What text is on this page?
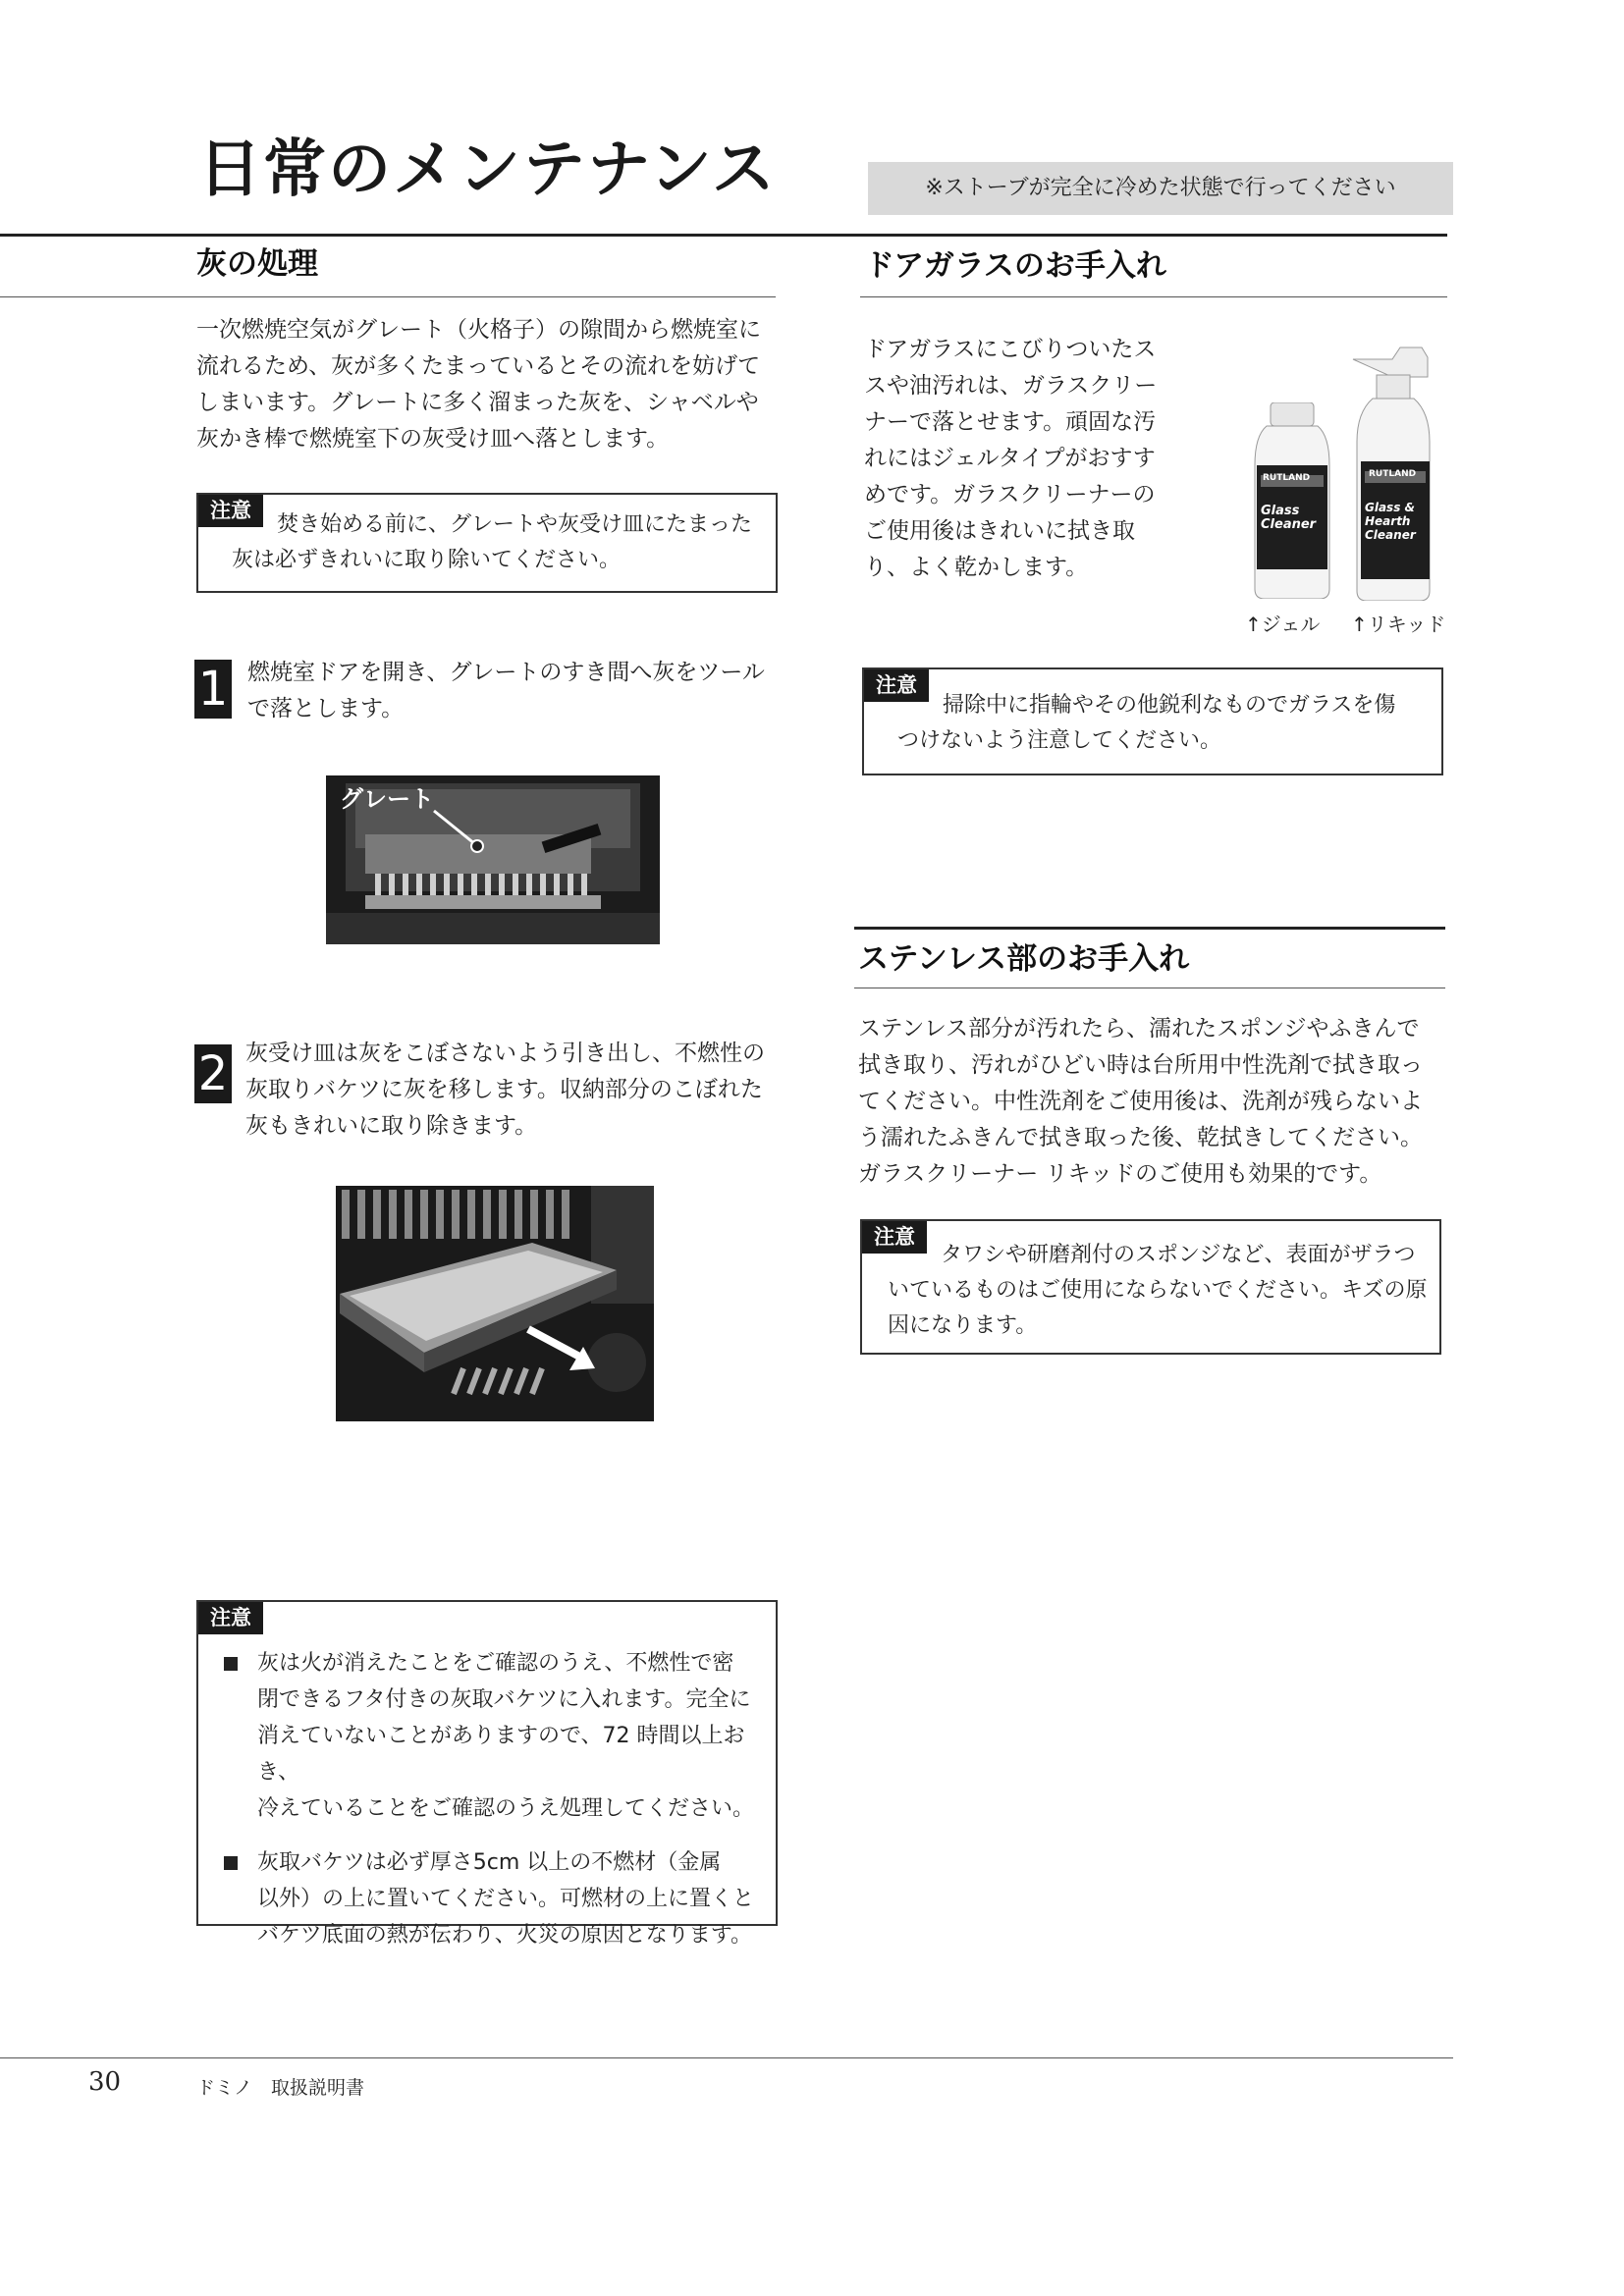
日常のメンテナンス	※ストーブが完全に冷めた状態で行ってください
灰の処理
一次燃焼空気がグレート（火格子）の隙間から燃焼室に
流れるため、灰が多くたまっているとその流れを妨げて
しまいます。グレートに多く溜まった灰を、シャベルや
灰かき棒で燃焼室下の灰受け皿へ落とします。
注意
焚き始める前に、グレートや灰受け皿にたまった
灰は必ずきれいに取り除いてください。
1 燃焼室ドアを開き、グレートのすき間へ灰をツール
で落とします。
グレート
2 灰受け皿は灰をこぼさないよう引き出し、不燃性の
灰取りバケツに灰を移します。収納部分のこぼれた
灰もきれいに取り除きます。
注意
灰は火が消えたことをご確認のうえ、不燃性で密
閉できるフタ付きの灰取バケツに入れます。完全に
消えていないことがありますので、72 時間以上おき、
冷えていることをご確認のうえ処理してください。
灰取バケツは必ず厚さ5cm 以上の不燃材（金属
以外）の上に置いてください。可燃材の上に置くと
バケツ底面の熱が伝わり、火災の原因となります。
ドアガラスのお手入れ
ドアガラスにこびりついたス
スや油汚れは、ガラスクリー
ナーで落とせます。頑固な汚
れにはジェルタイプがおすす
めです。ガラスクリーナーの
ご使用後はきれいに拭き取
り、よく乾かします。
RUTLAND
Glass Cleaner
RUTLAND
Glass & Hearth Cleaner
↑ジェル ↑リキッド
注意
掃除中に指輪やその他鋭利なものでガラスを傷
つけないよう注意してください。
ステンレス部のお手入れ
ステンレス部分が汚れたら、濡れたスポンジやふきんで
拭き取り、汚れがひどい時は台所用中性洗剤で拭き取っ
てください。中性洗剤をご使用後は、洗剤が残らないよ
う濡れたふきんで拭き取った後、乾拭きしてください。
ガラスクリーナー リキッドのご使用も効果的です。
注意
タワシや研磨剤付のスポンジなど、表面がザラつ
いているものはご使用にならないでください。キズの原
因になります。
30	ドミノ　取扱説明書
